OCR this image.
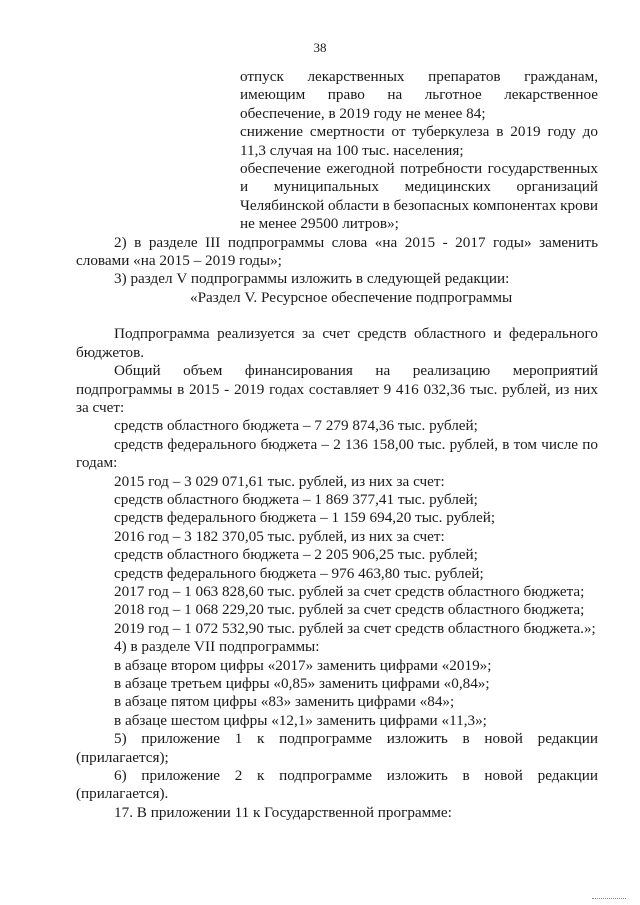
38

отпуск лекарственных препаратов гражданам, имеющим право на льготное лекарственное обеспечение, в 2019 году не менее 84;

снижение смертности от туберкулеза в 2019 году до 11,3 случая на 100 тыс. населения;

обеспечение ежегодной потребности государственных и муниципальных медицинских организаций Челябинской области в безопасных компонентах крови не менее 29500 литров»;

2) в разделе III подпрограммы слова «на 2015 - 2017 годы» заменить словами «на 2015 – 2019 годы»;

3) раздел V подпрограммы изложить в следующей редакции:

«Раздел V. Ресурсное обеспечение подпрограммы

Подпрограмма реализуется за счет средств областного и федерального бюджетов.

Общий объем финансирования на реализацию мероприятий подпрограммы в 2015 - 2019 годах составляет 9 416 032,36 тыс. рублей, из них за счет:

средств областного бюджета – 7 279 874,36 тыс. рублей;

средств федерального бюджета – 2 136 158,00 тыс. рублей, в том числе по годам:

2015 год – 3 029 071,61 тыс. рублей, из них за счет:

средств областного бюджета – 1 869 377,41 тыс. рублей;

средств федерального бюджета – 1 159 694,20 тыс. рублей;

2016 год – 3 182 370,05 тыс. рублей, из них за счет:

средств областного бюджета – 2 205 906,25 тыс. рублей;

средств федерального бюджета – 976 463,80 тыс. рублей;

2017 год – 1 063 828,60 тыс. рублей за счет средств областного бюджета;

2018 год – 1 068 229,20 тыс. рублей за счет средств областного бюджета;

2019 год – 1 072 532,90 тыс. рублей за счет средств областного бюджета.»;

4) в разделе VII подпрограммы:

в абзаце втором цифры «2017» заменить цифрами «2019»;

в абзаце третьем цифры «0,85» заменить цифрами «0,84»;

в абзаце пятом цифры «83» заменить цифрами «84»;

в абзаце шестом цифры «12,1» заменить цифрами «11,3»;

5) приложение 1 к подпрограмме изложить в новой редакции (прилагается);

6) приложение 2 к подпрограмме изложить в новой редакции (прилагается).

17. В приложении 11 к Государственной программе:
